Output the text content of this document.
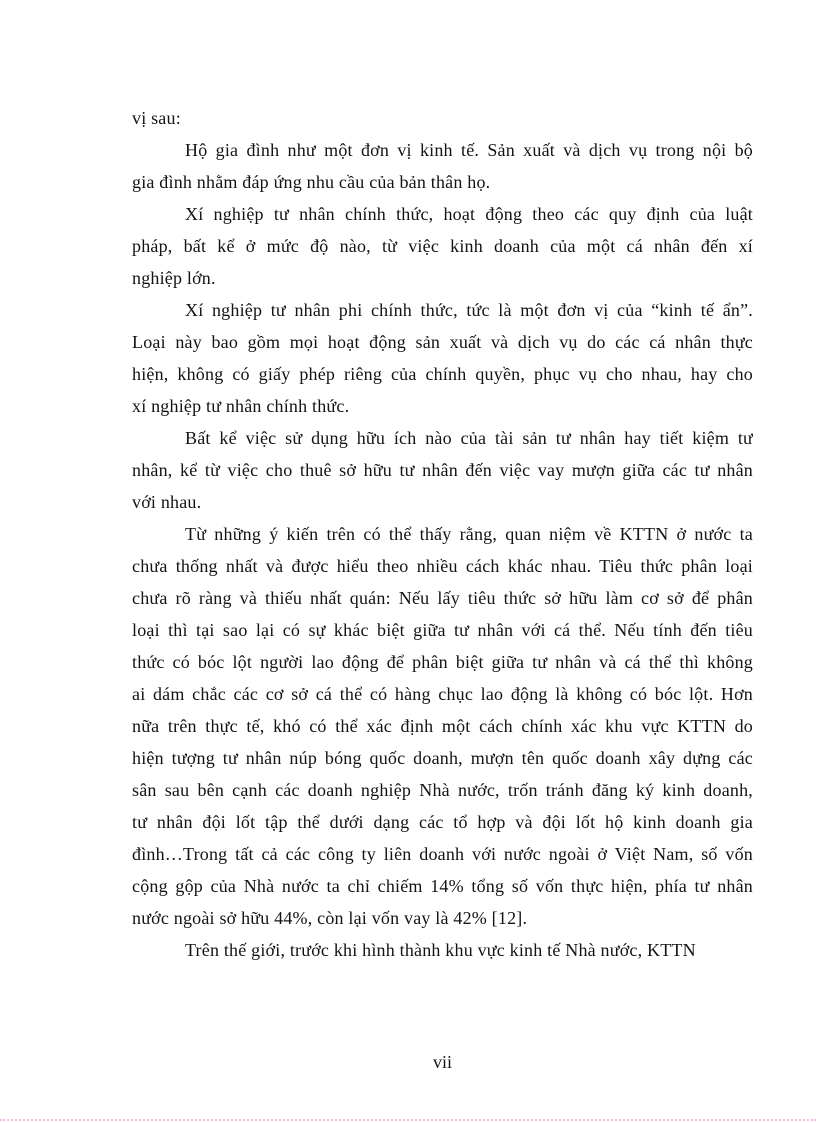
vị sau:
Hộ gia đình như một đơn vị kinh tế. Sản xuất và dịch vụ trong nội bộ
gia đình nhằm đáp ứng nhu cầu của bản thân họ.
Xí nghiệp tư nhân chính thức, hoạt động theo các quy định của luật
pháp, bất kể ở mức độ nào, từ việc kinh doanh của một cá nhân đến xí
nghiệp lớn.
Xí nghiệp tư nhân phi chính thức, tức là một đơn vị của “kinh tế ẩn”.
Loại này bao gồm mọi hoạt động sản xuất và dịch vụ do các cá nhân thực
hiện, không có giấy phép riêng của chính quyền, phục vụ cho nhau, hay cho
xí nghiệp tư nhân chính thức.
Bất kể việc sử dụng hữu ích nào của tài sản tư nhân hay tiết kiệm tư
nhân, kể từ việc cho thuê sở hữu tư nhân đến việc vay mượn giữa các tư nhân
với nhau.
Từ những ý kiến trên có thể thấy rằng, quan niệm về KTTN ở nước ta
chưa thống nhất và được hiểu theo nhiều cách khác nhau. Tiêu thức phân loại
chưa rõ ràng và thiếu nhất quán: Nếu lấy tiêu thức sở hữu làm cơ sở để phân
loại thì tại sao lại có sự khác biệt giữa tư nhân với cá thể. Nếu tính đến tiêu
thức có bóc lột người lao động để phân biệt giữa tư nhân và cá thể thì không
ai dám chắc các cơ sở cá thể có hàng chục lao động là không có bóc lột. Hơn
nữa trên thực tế, khó có thể xác định một cách chính xác khu vực KTTN do
hiện tượng tư nhân núp bóng quốc doanh, mượn tên quốc doanh xây dựng các
sân sau bên cạnh các doanh nghiệp Nhà nước, trốn tránh đăng ký kinh doanh,
tư nhân đội lốt tập thể dưới dạng các tổ hợp và đội lốt hộ kinh doanh gia
đình…Trong tất cả các công ty liên doanh với nước ngoài ở Việt Nam, số vốn
cộng gộp của Nhà nước ta chỉ chiếm 14% tổng số vốn thực hiện, phía tư nhân
nước ngoài sở hữu 44%, còn lại vốn vay là 42% [12].
Trên thế giới, trước khi hình thành khu vực kinh tế Nhà nước, KTTN
vii
